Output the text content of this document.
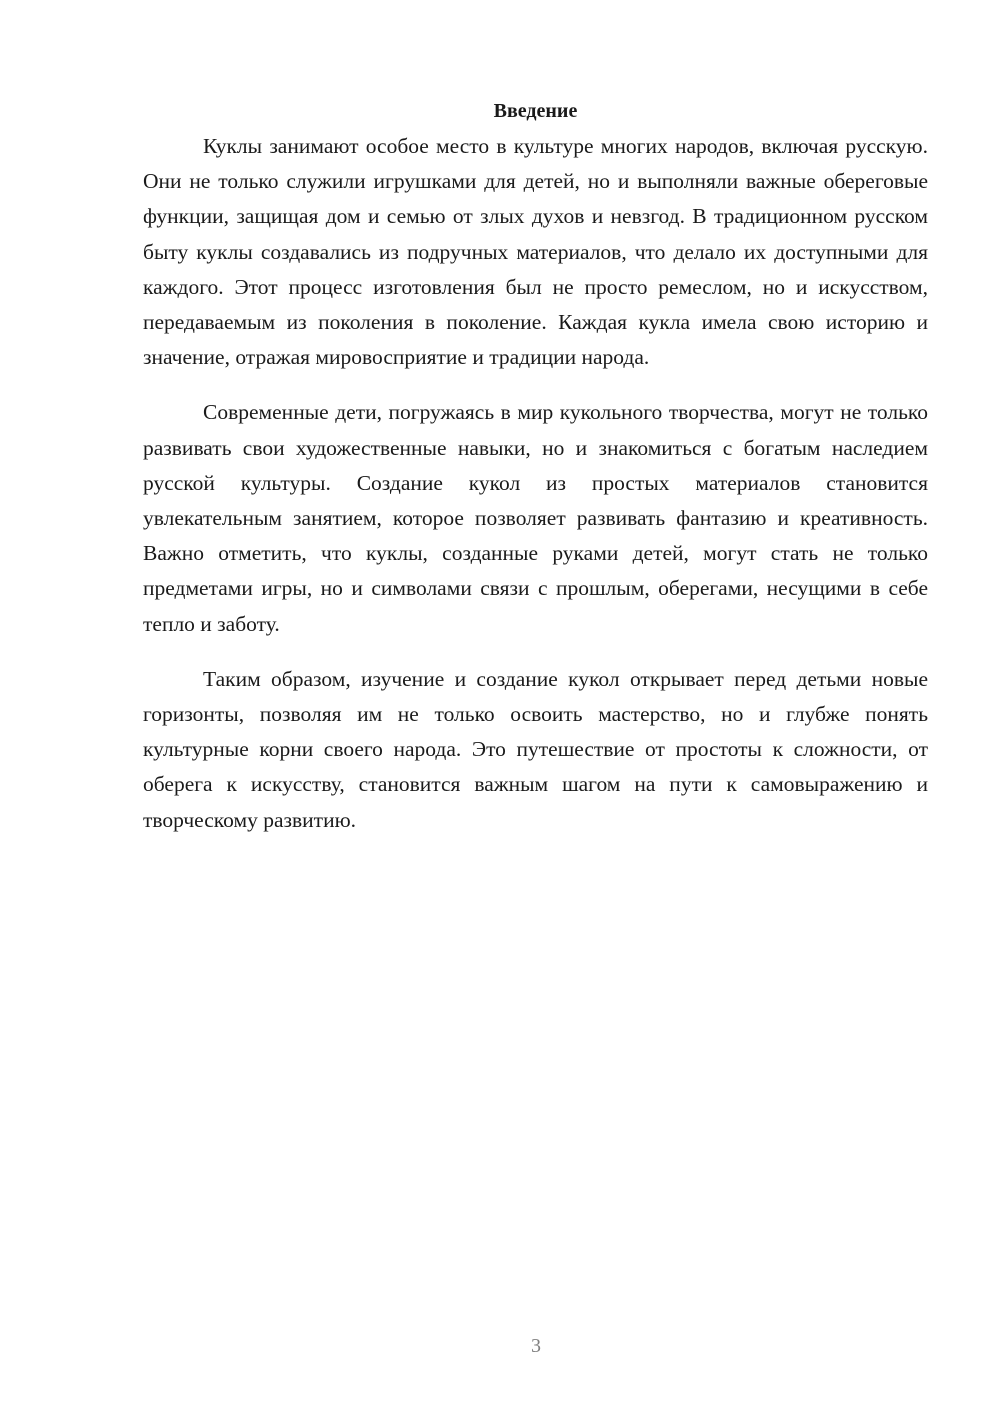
Введение

Куклы занимают особое место в культуре многих народов, включая русскую. Они не только служили игрушками для детей, но и выполняли важные обереговые функции, защищая дом и семью от злых духов и невзгод. В традиционном русском быту куклы создавались из подручных материалов, что делало их доступными для каждого. Этот процесс изготовления был не просто ремеслом, но и искусством, передаваемым из поколения в поколение. Каждая кукла имела свою историю и значение, отражая мировосприятие и традиции народа.

Современные дети, погружаясь в мир кукольного творчества, могут не только развивать свои художественные навыки, но и знакомиться с богатым наследием русской культуры. Создание кукол из простых материалов становится увлекательным занятием, которое позволяет развивать фантазию и креативность. Важно отметить, что куклы, созданные руками детей, могут стать не только предметами игры, но и символами связи с прошлым, оберегами, несущими в себе тепло и заботу.

Таким образом, изучение и создание кукол открывает перед детьми новые горизонты, позволяя им не только освоить мастерство, но и глубже понять культурные корни своего народа. Это путешествие от простоты к сложности, от оберега к искусству, становится важным шагом на пути к самовыражению и творческому развитию.

3
